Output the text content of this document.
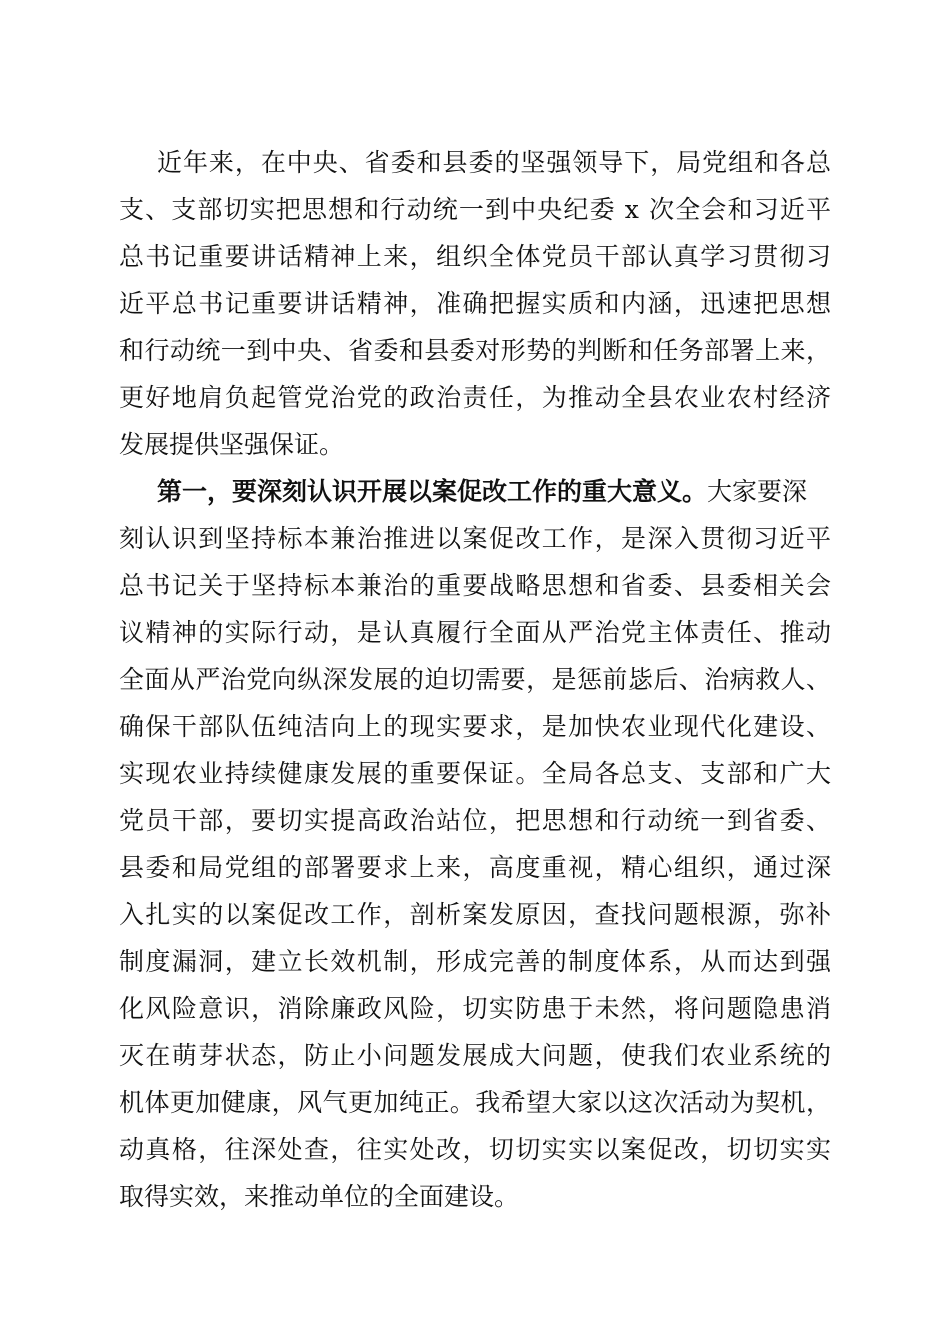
近年来，在中央、省委和县委的坚强领导下，局党组和各总
支、支部切实把思想和行动统一到中央纪委 x 次全会和习近平
总书记重要讲话精神上来，组织全体党员干部认真学习贯彻习
近平总书记重要讲话精神，准确把握实质和内涵，迅速把思想
和行动统一到中央、省委和县委对形势的判断和任务部署上来，
更好地肩负起管党治党的政治责任，为推动全县农业农村经济
发展提供坚强保证。
第一，要深刻认识开展以案促改工作的重大意义。 大家要深
刻认识到坚持标本兼治推进以案促改工作，是深入贯彻习近平
总书记关于坚持标本兼治的重要战略思想和省委、县委相关会
议精神的实际行动，是认真履行全面从严治党主体责任、推动
全面从严治党向纵深发展的迫切需要，是惩前毖后、治病救人、
确保干部队伍纯洁向上的现实要求，是加快农业现代化建设、
实现农业持续健康发展的重要保证。全局各总支、支部和广大
党员干部，要切实提高政治站位，把思想和行动统一到省委、
县委和局党组的部署要求上来，高度重视，精心组织，通过深
入扎实的以案促改工作，剖析案发原因，查找问题根源，弥补
制度漏洞，建立长效机制，形成完善的制度体系，从而达到强
化风险意识，消除廉政风险，切实防患于未然，将问题隐患消
灭在萌芽状态，防止小问题发展成大问题，使我们农业系统的
机体更加健康，风气更加纯正。我希望大家以这次活动为契机，
动真格，往深处查，往实处改，切切实实以案促改，切切实实
取得实效，来推动单位的全面建设。
